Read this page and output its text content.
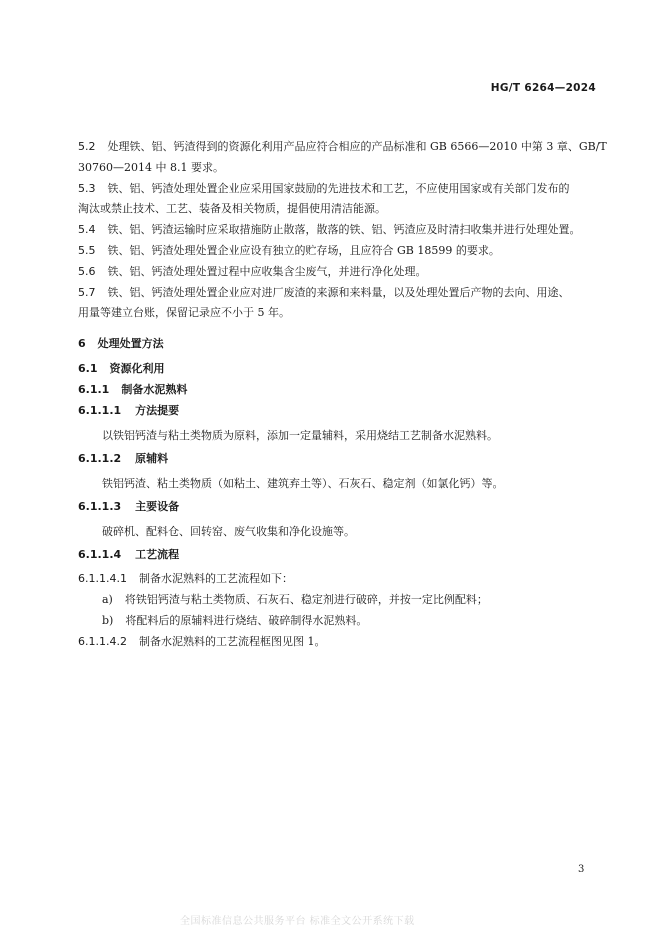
HG/T 6264—2024
5.2 处理铁、铝、钙渣得到的资源化利用产品应符合相应的产品标准和 GB 6566—2010 中第 3 章、GB/T
30760—2014 中 8.1 要求。
5.3 铁、铝、钙渣处理处置企业应采用国家鼓励的先进技术和工艺，不应使用国家或有关部门发布的
淘汰或禁止技术、工艺、装备及相关物质，提倡使用清洁能源。
5.4 铁、铝、钙渣运输时应采取措施防止散落，散落的铁、铝、钙渣应及时清扫收集并进行处理处置。
5.5 铁、铝、钙渣处理处置企业应设有独立的贮存场，且应符合 GB 18599 的要求。
5.6 铁、铝、钙渣处理处置过程中应收集含尘废气，并进行净化处理。
5.7 铁、铝、钙渣处理处置企业应对进厂废渣的来源和来料量，以及处理处置后产物的去向、用途、
用量等建立台账，保留记录应不小于 5 年。
6 处理处置方法
6.1 资源化利用
6.1.1 制备水泥熟料
6.1.1.1 方法提要
以铁铝钙渣与粘土类物质为原料，添加一定量辅料，采用烧结工艺制备水泥熟料。
6.1.1.2 原辅料
铁铝钙渣、粘土类物质（如粘土、建筑弃土等）、石灰石、稳定剂（如氯化钙）等。
6.1.1.3 主要设备
破碎机、配料仓、回转窑、废气收集和净化设施等。
6.1.1.4 工艺流程
6.1.1.4.1 制备水泥熟料的工艺流程如下：
a) 将铁铝钙渣与粘土类物质、石灰石、稳定剂进行破碎，并按一定比例配料；
b) 将配料后的原辅料进行烧结、破碎制得水泥熟料。
6.1.1.4.2 制备水泥熟料的工艺流程框图见图 1。
3
全国标准信息公共服务平台 标准全文公开系统下载
